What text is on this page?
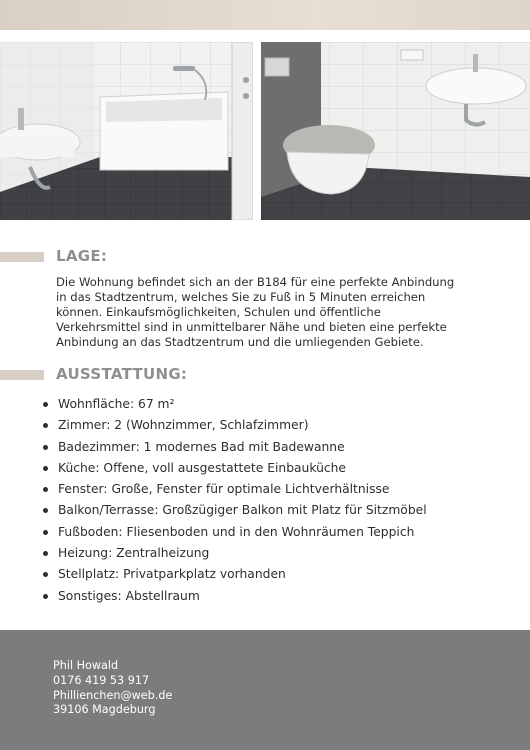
LAGE:
Die Wohnung befindet sich an der B184 für eine perfekte Anbindung
in das Stadtzentrum, welches Sie zu Fuß in 5 Minuten erreichen
können. Einkaufsmöglichkeiten, Schulen und öffentliche
Verkehrsmittel sind in unmittelbarer Nähe und bieten eine perfekte
Anbindung an das Stadtzentrum und die umliegenden Gebiete.
AUSSTATTUNG:
Wohnfläche: 67 m²
Zimmer: 2 (Wohnzimmer, Schlafzimmer)
Badezimmer: 1 modernes Bad mit Badewanne
Küche: Offene, voll ausgestattete Einbauküche
Fenster: Große, Fenster für optimale Lichtverhältnisse
Balkon/Terrasse: Großzügiger Balkon mit Platz für Sitzmöbel
Fußboden: Fliesenboden und in den Wohnräumen Teppich
Heizung: Zentralheizung
Stellplatz: Privatparkplatz vorhanden
Sonstiges: Abstellraum
Phil Howald
0176 419 53 917
Phillienchen@web.de
39106 Magdeburg
